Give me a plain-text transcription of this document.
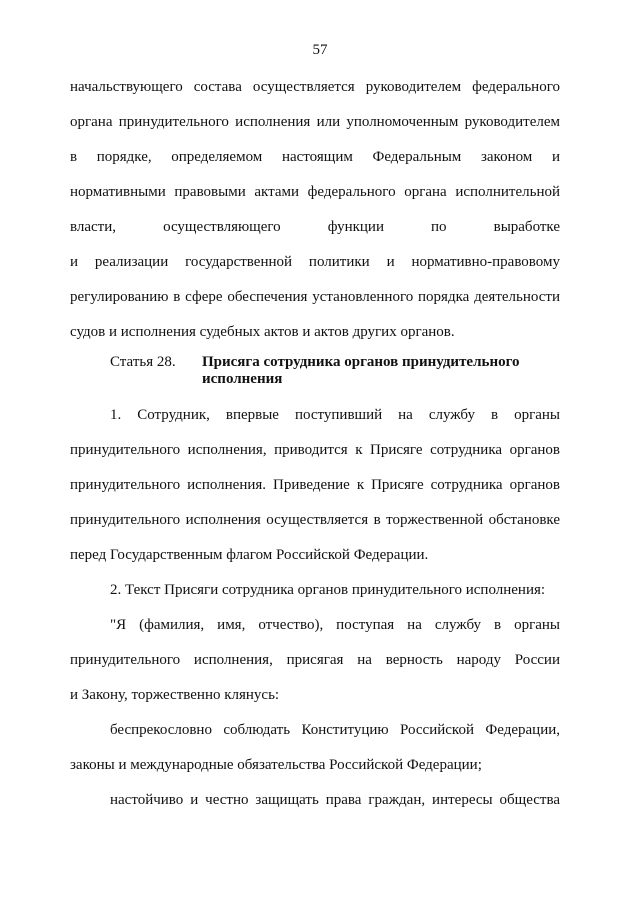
57
начальствующего состава осуществляется руководителем федерального
органа принудительного исполнения или уполномоченным руководителем
в порядке, определяемом настоящим Федеральным законом и
нормативными правовыми актами федерального органа исполнительной
власти, осуществляющего функции по выработке
и реализации государственной политики и нормативно-правовому
регулированию в сфере обеспечения установленного порядка деятельности
судов и исполнения судебных актов и актов других органов.
Статья 28.	Присяга сотрудника органов принудительного
исполнения
1. Сотрудник, впервые поступивший на службу в органы
принудительного исполнения, приводится к Присяге сотрудника органов
принудительного исполнения. Приведение к Присяге сотрудника органов
принудительного исполнения осуществляется в торжественной обстановке
перед Государственным флагом Российской Федерации.
2. Текст Присяги сотрудника органов принудительного исполнения:
"Я (фамилия, имя, отчество), поступая на службу в органы
принудительного исполнения, присягая на верность народу России
и Закону, торжественно клянусь:
беспрекословно соблюдать Конституцию Российской Федерации,
законы и международные обязательства Российской Федерации;
настойчиво и честно защищать права граждан, интересы общества
